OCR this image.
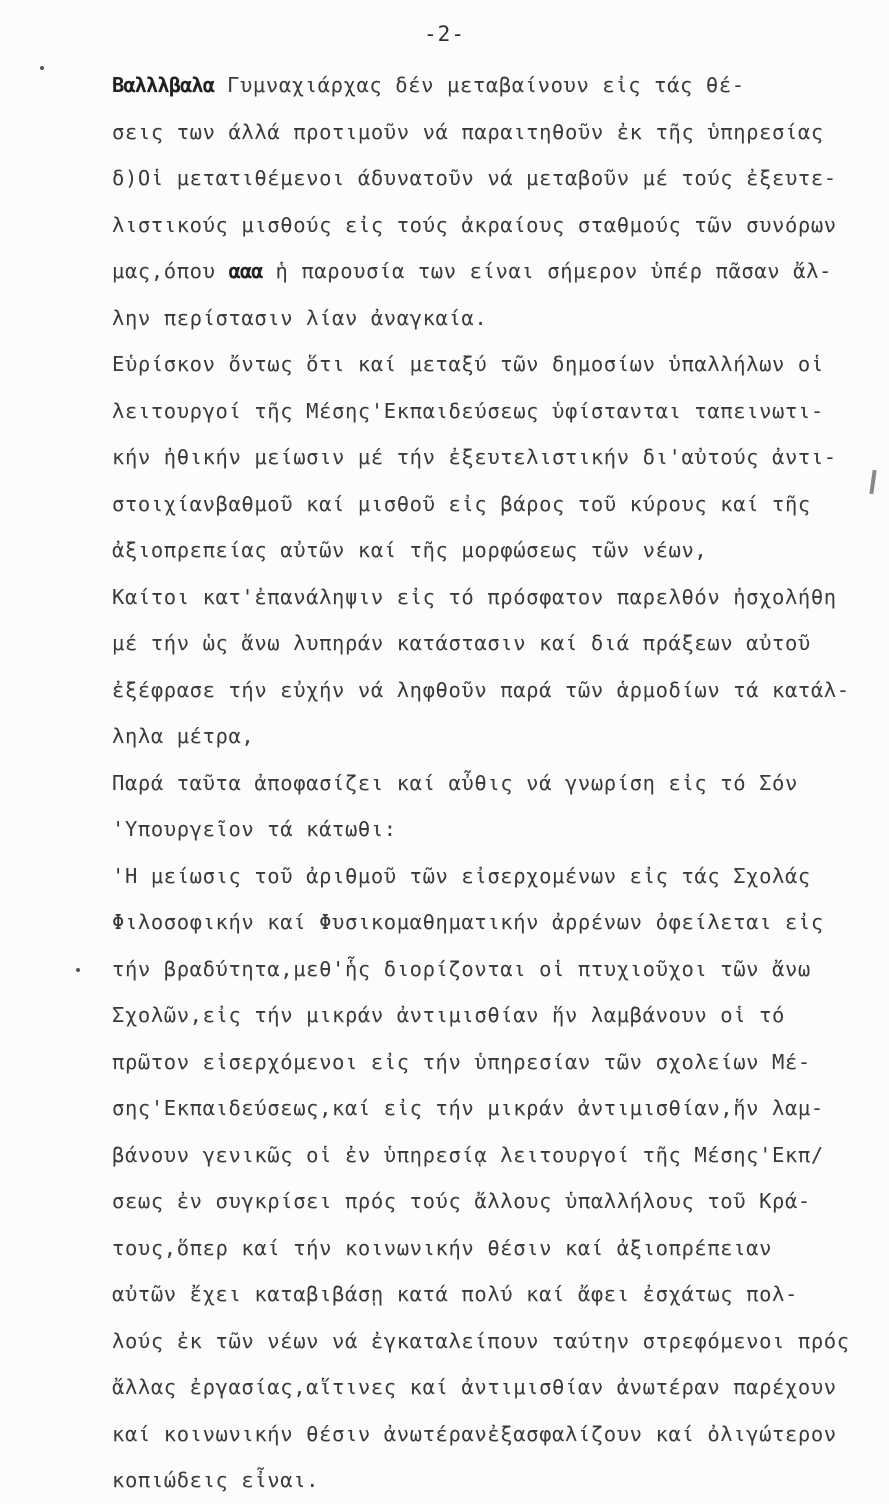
-2-
Βαλλλβαλα Γυμναχιάρχας δέν μεταβαίνουν εἰς τάς θέ-
σεις των άλλά προτιμοῦν νά παραιτηθοῦν ἐκ τῆς ὑπηρεσίας
δ)Οἱ μετατιθέμενοι άδυνατοῦν νά μεταβοῦν μέ τούς ἐξευτε-
λιστικούς μισθούς εἰς τούς ἀκραίους σταθμούς τῶν συνόρων
μας,όπου ααα ἡ παρουσία των είναι σήμερον ὑπέρ πᾶσαν ἄλ-
λην περίστασιν λίαν ἀναγκαία.
Εὑρίσκον ὄντως ὅτι καί μεταξύ τῶν δημοσίων ὑπαλλήλων οἱ
λειτουργοί τῆς Μέσης'Εκπαιδεύσεως ὑφίστανται ταπεινωτι-
κήν ἠθικήν μείωσιν μέ τήν ἐξευτελιστικήν δι'αὐτούς ἀντι-
στοιχίανβαθμοῦ καί μισθοῦ εἰς βάρος τοῦ κύρους καί τῆς
ἀξιοπρεπείας αὐτῶν καί τῆς μορφώσεως τῶν νέων,
Καίτοι κατ'ἐπανάληψιν εἰς τό πρόσφατον παρελθόν ἠσχολήθη
μέ τήν ὡς ἄνω λυπηράν κατάστασιν καί διά πράξεων αὐτοῦ
ἐξέφρασε τήν εὐχήν νά ληφθοῦν παρά τῶν ἁρμοδίων τά κατάλ-
ληλα μέτρα,
Παρά ταῦτα ἀποφασίζει καί αὖθις νά γνωρίση εἰς τό Σόν
'Υπουργεῖον τά κάτωθι:
'Η μείωσις τοῦ ἀριθμοῦ τῶν εἰσερχομένων εἰς τάς Σχολάς
Φιλοσοφικήν καί Φυσικομαθηματικήν ἀρρένων ὀφείλεται εἰς
τήν βραδύτητα,μεθ'ἧς διορίζονται οἱ πτυχιοῦχοι τῶν ἄνω
Σχολῶν,εἰς τήν μικράν ἀντιμισθίαν ἥν λαμβάνουν οἱ τό
πρῶτον εἰσερχόμενοι εἰς τήν ὑπηρεσίαν τῶν σχολείων Μέ-
σης'Εκπαιδεύσεως,καί εἰς τήν μικράν ἀντιμισθίαν,ἥν λαμ-
βάνουν γενικῶς οἱ ἐν ὑπηρεσίᾳ λειτουργοί τῆς Μέσης'Εκπ/
σεως ἐν συγκρίσει πρός τούς ἄλλους ὑπαλλήλους τοῦ Κρά-
τους,ὅπερ καί τήν κοινωνικήν θέσιν καί ἀξιοπρέπειαν
αὐτῶν ἔχει καταβιβάσῃ κατά πολύ καί ἄφει ἐσχάτως πολ-
λούς ἐκ τῶν νέων νά ἐγκαταλείπουν ταύτην στρεφόμενοι πρός
ἄλλας ἐργασίας,αἵτινες καί ἀντιμισθίαν ἀνωτέραν παρέχουν
καί κοινωνικήν θέσιν ἀνωτέρανἐξασφαλίζουν καί ὀλιγώτερον
κοπιώδεις εἶναι.
